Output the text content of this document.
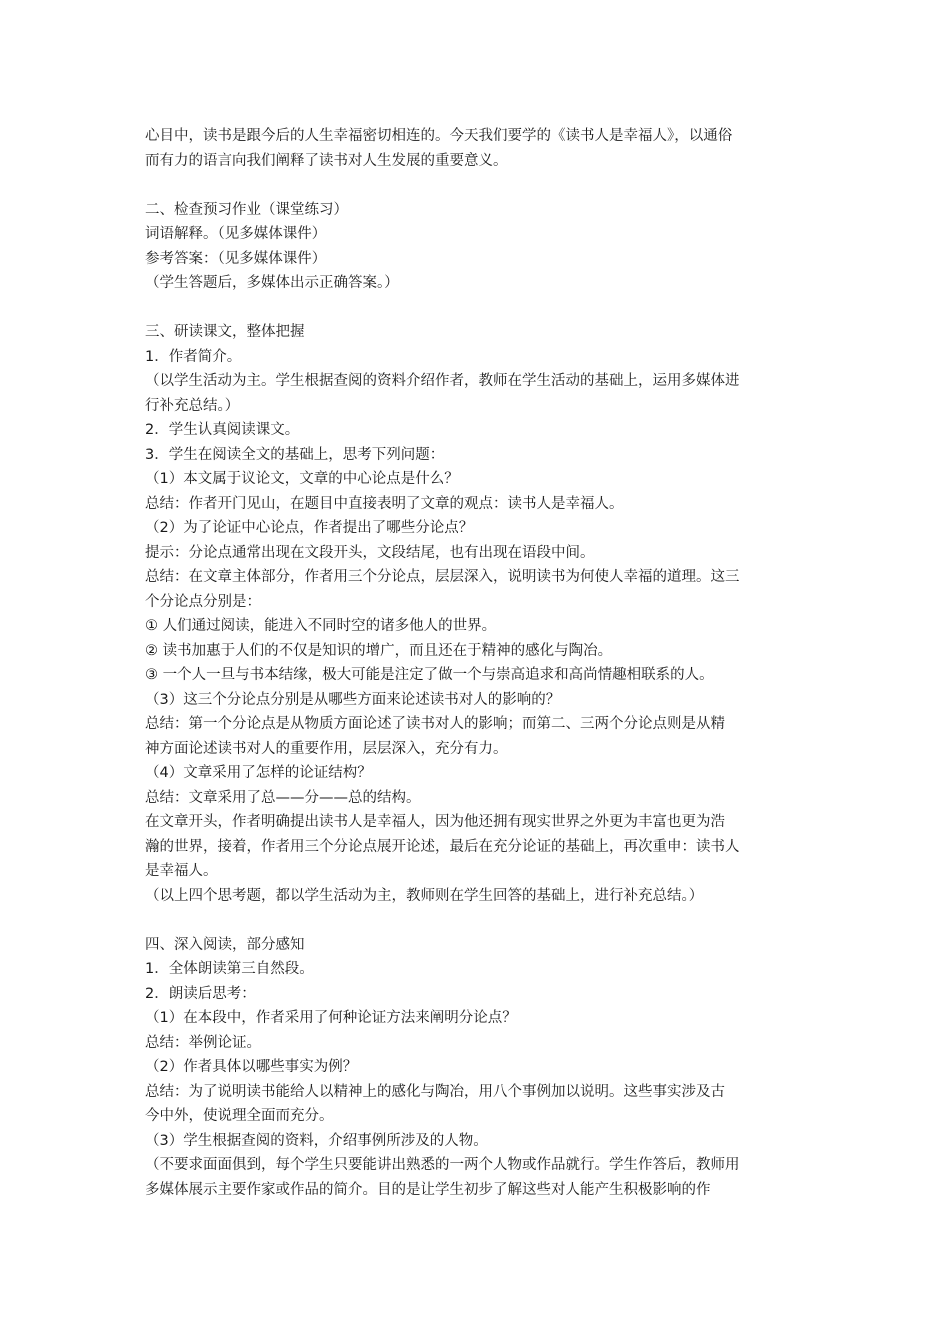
心目中，读书是跟今后的人生幸福密切相连的。今天我们要学的《读书人是幸福人》，以通俗

而有力的语言向我们阐释了读书对人生发展的重要意义。

二、检查预习作业（课堂练习）

词语解释。（见多媒体课件）

参考答案：（见多媒体课件）

（学生答题后，多媒体出示正确答案。）

三、研读课文，整体把握

1．作者简介。

（以学生活动为主。学生根据查阅的资料介绍作者，教师在学生活动的基础上，运用多媒体进

行补充总结。）

2．学生认真阅读课文。

3．学生在阅读全文的基础上，思考下列问题：

（1）本文属于议论文，文章的中心论点是什么？

总结：作者开门见山，在题目中直接表明了文章的观点：读书人是幸福人。

（2）为了论证中心论点，作者提出了哪些分论点？

提示：分论点通常出现在文段开头，文段结尾，也有出现在语段中间。

总结：在文章主体部分，作者用三个分论点，层层深入，说明读书为何使人幸福的道理。这三

个分论点分别是：

① 人们通过阅读，能进入不同时空的诸多他人的世界。

② 读书加惠于人们的不仅是知识的增广，而且还在于精神的感化与陶冶。

③ 一个人一旦与书本结缘，极大可能是注定了做一个与崇高追求和高尚情趣相联系的人。

（3）这三个分论点分别是从哪些方面来论述读书对人的影响的？

总结：第一个分论点是从物质方面论述了读书对人的影响；而第二、三两个分论点则是从精

神方面论述读书对人的重要作用，层层深入，充分有力。

（4）文章采用了怎样的论证结构？

总结：文章采用了总——分——总的结构。

在文章开头，作者明确提出读书人是幸福人，因为他还拥有现实世界之外更为丰富也更为浩

瀚的世界，接着，作者用三个分论点展开论述，最后在充分论证的基础上，再次重申：读书人

是幸福人。

（以上四个思考题，都以学生活动为主，教师则在学生回答的基础上，进行补充总结。）

四、深入阅读，部分感知

1．全体朗读第三自然段。

2．朗读后思考：

（1）在本段中，作者采用了何种论证方法来阐明分论点？

总结：举例论证。

（2）作者具体以哪些事实为例？

总结：为了说明读书能给人以精神上的感化与陶冶，用八个事例加以说明。这些事实涉及古

今中外，使说理全面而充分。

（3）学生根据查阅的资料，介绍事例所涉及的人物。

（不要求面面俱到，每个学生只要能讲出熟悉的一两个人物或作品就行。学生作答后，教师用

多媒体展示主要作家或作品的简介。目的是让学生初步了解这些对人能产生积极影响的作
